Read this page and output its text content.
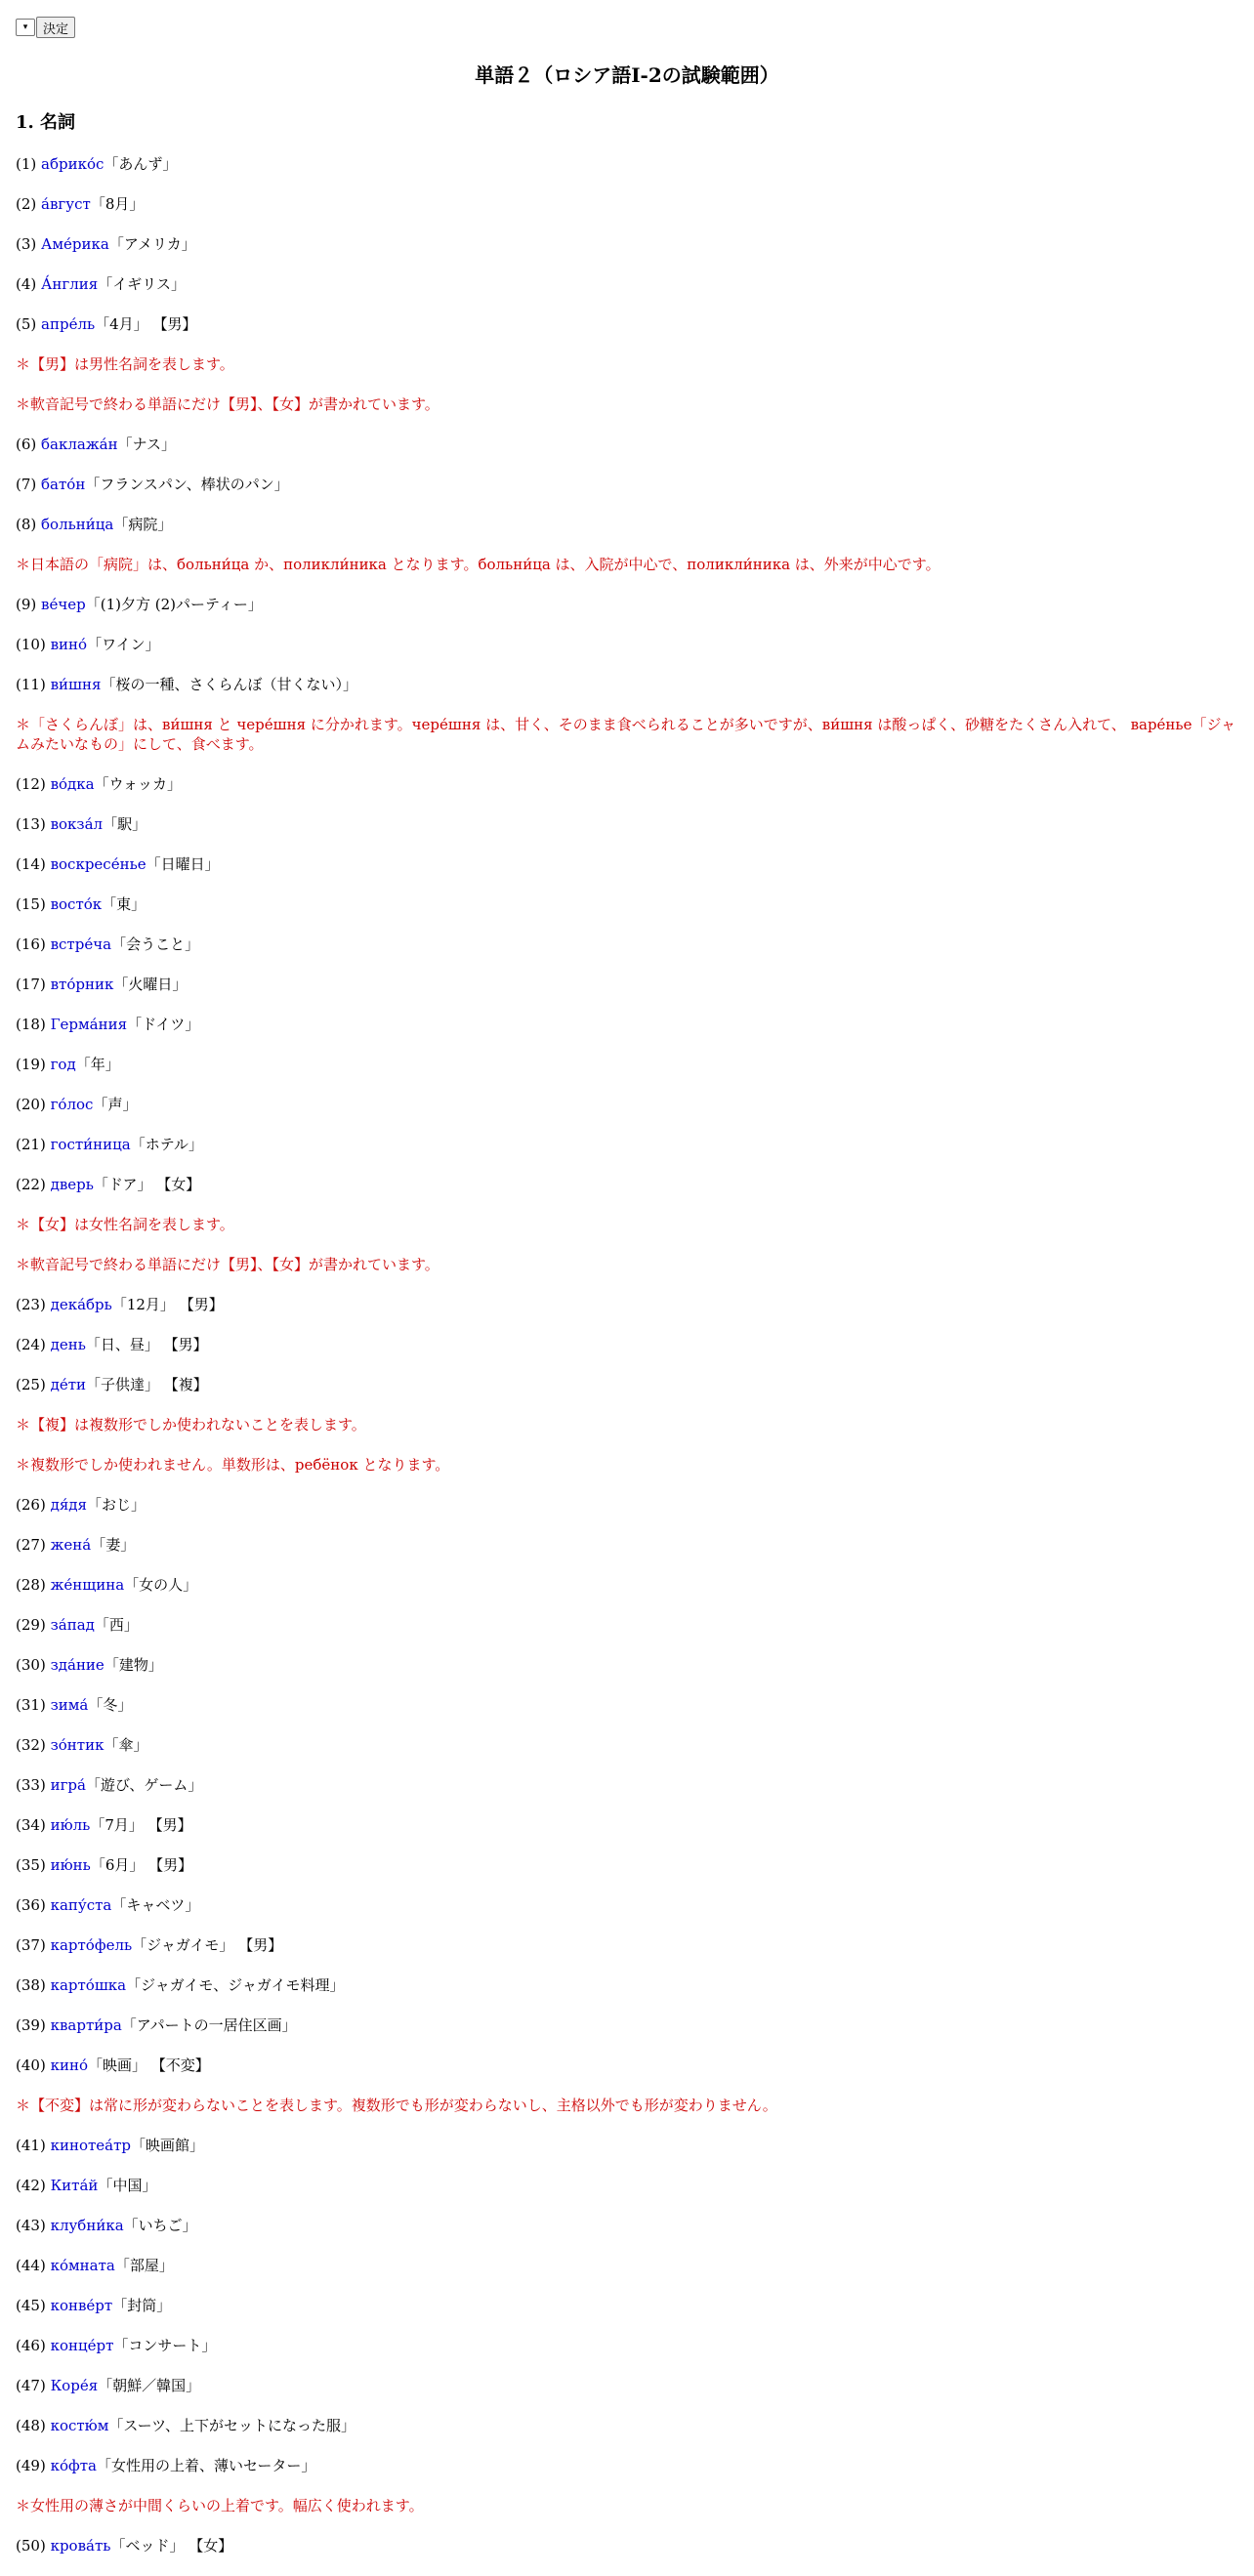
▾	決定
単語２（ロシア語I-2の試験範囲）
1. 名詞

(1) абрико́с「あんず」

(2) а́вгуст「8月」

(3) Аме́рика「アメリカ」

(4) А́нглия「イギリス」

(5) апре́ль「4月」 【男】

＊【男】は男性名詞を表します。

＊軟音記号で終わる単語にだけ【男】、【女】が書かれています。

(6) баклажа́н「ナス」

(7) бато́н「フランスパン、棒状のパン」

(8) больни́ца「病院」

＊日本語の「病院」は、больни́ца か、поликли́ника となります。больни́ца は、入院が中心で、поликли́ника は、外来が中心です。

(9) ве́чер「(1)夕方 (2)パーティー」

(10) вино́「ワイン」

(11) ви́шня「桜の一種、さくらんぼ（甘くない）」

＊「さくらんぼ」は、ви́шня と чере́шня に分かれます。чере́шня は、甘く、そのまま食べられることが多いですが、ви́шня は酸っぱく、砂糖をたくさん入れて、 варе́нье「ジャムみたいなもの」にして、食べます。

(12) во́дка「ウォッカ」

(13) вокза́л「駅」

(14) воскресе́нье「日曜日」

(15) восто́к「東」

(16) встре́ча「会うこと」

(17) вто́рник「火曜日」

(18) Герма́ния「ドイツ」

(19) год「年」

(20) го́лос「声」

(21) гости́ница「ホテル」

(22) дверь「ドア」 【女】

＊【女】は女性名詞を表します。

＊軟音記号で終わる単語にだけ【男】、【女】が書かれています。

(23) дека́брь「12月」 【男】

(24) день「日、昼」 【男】

(25) де́ти「子供達」 【複】

＊【複】は複数形でしか使われないことを表します。

＊複数形でしか使われません。単数形は、ребёнок となります。

(26) дя́дя「おじ」

(27) жена́「妻」

(28) же́нщина「女の人」

(29) за́пад「西」

(30) зда́ние「建物」

(31) зима́「冬」

(32) зо́нтик「傘」

(33) игра́「遊び、ゲーム」

(34) ию́ль「7月」 【男】

(35) ию́нь「6月」 【男】

(36) капу́ста「キャベツ」

(37) карто́фель「ジャガイモ」 【男】

(38) карто́шка「ジャガイモ、ジャガイモ料理」

(39) кварти́ра「アパートの一居住区画」

(40) кино́「映画」 【不変】

＊【不変】は常に形が変わらないことを表します。複数形でも形が変わらないし、主格以外でも形が変わりません。

(41) кинотеа́тр「映画館」

(42) Кита́й「中国」

(43) клубни́ка「いちご」

(44) ко́мната「部屋」

(45) конве́рт「封筒」

(46) конце́рт「コンサート」

(47) Коре́я「朝鮮／韓国」

(48) костю́м「スーツ、上下がセットになった服」

(49) ко́фта「女性用の上着、薄いセーター」

＊女性用の薄さが中間くらいの上着です。幅広く使われます。

(50) крова́ть「ベッド」 【女】
